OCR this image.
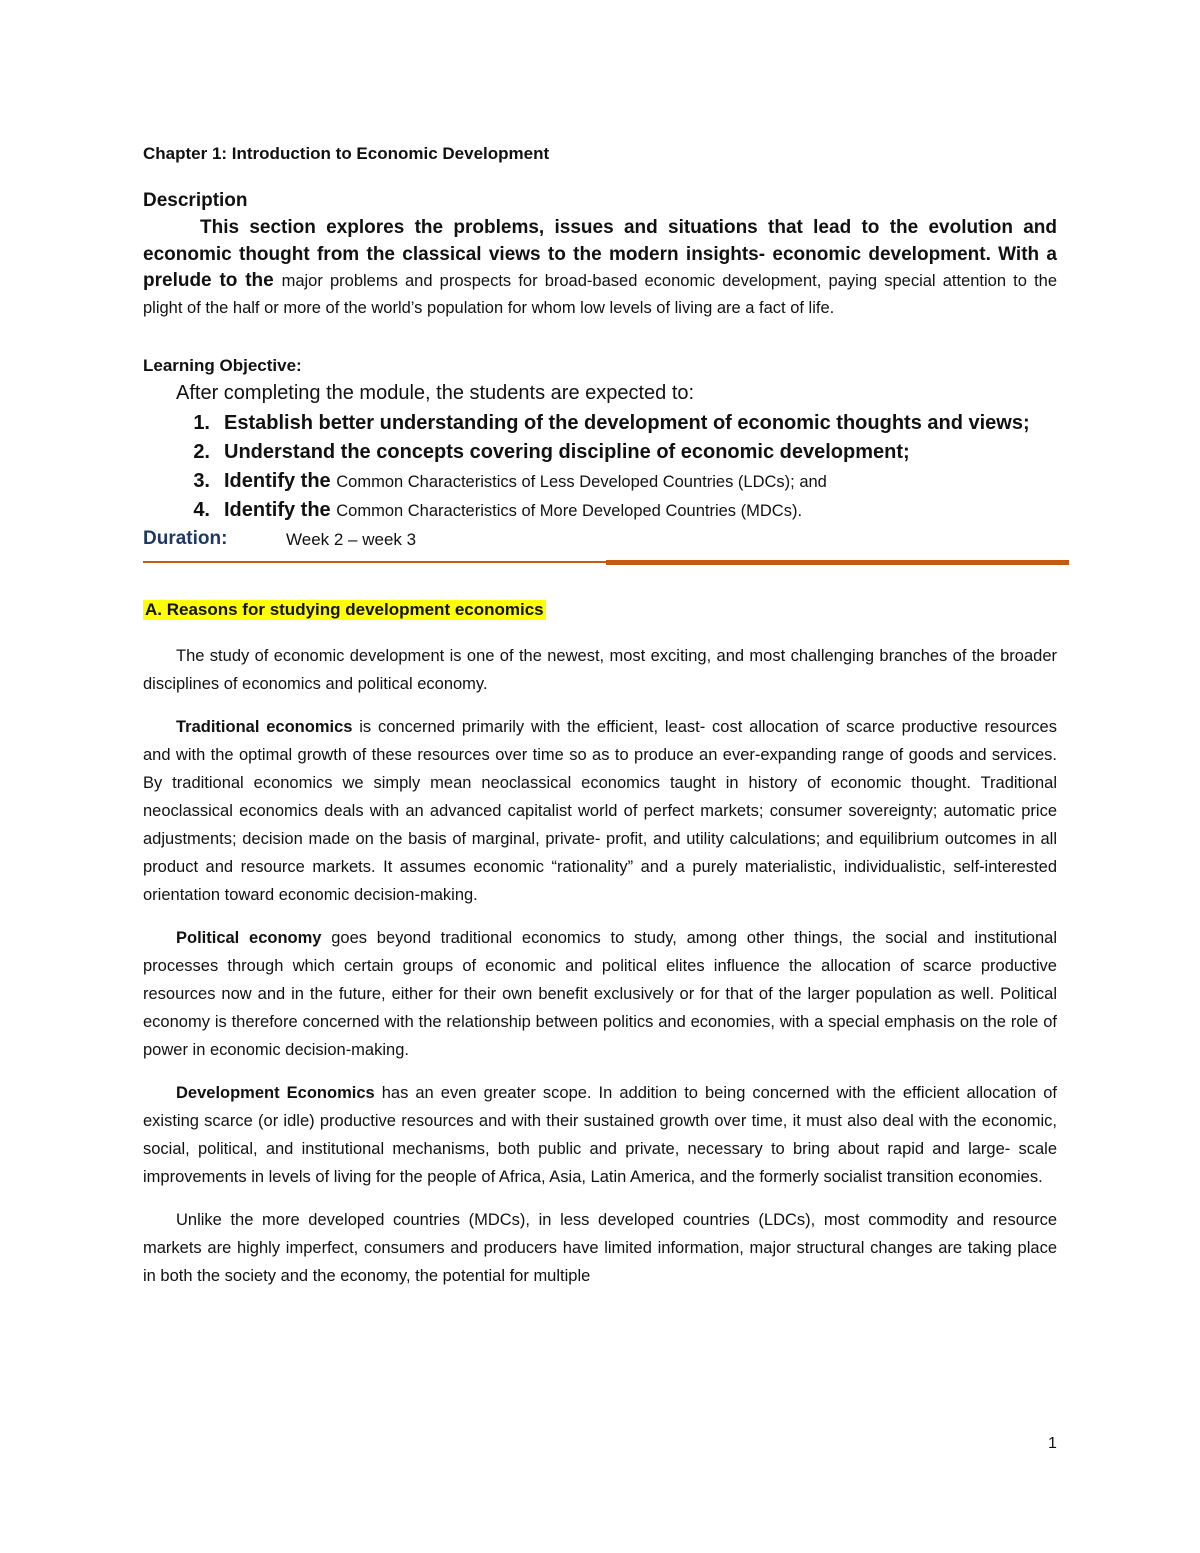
Chapter 1: Introduction to Economic Development
Description
This section explores the problems, issues and situations that lead to the evolution and economic thought from the classical views to the modern insights- economic development. With a prelude to the major problems and prospects for broad-based economic development, paying special attention to the plight of the half or more of the world’s population for whom low levels of living are a fact of life.
Learning Objective:
After completing the module, the students are expected to:
1. Establish better understanding of the development of economic thoughts and views;
2. Understand the concepts covering discipline of economic development;
3. Identify the Common Characteristics of Less Developed Countries (LDCs); and
4. Identify the Common Characteristics of More Developed Countries (MDCs).
Duration:	Week 2 – week 3
A. Reasons for studying development economics

The study of economic development is one of the newest, most exciting, and most challenging branches of the broader disciplines of economics and political economy.

Traditional economics is concerned primarily with the efficient, least- cost allocation of scarce productive resources and with the optimal growth of these resources over time so as to produce an ever-expanding range of goods and services. By traditional economics we simply mean neoclassical economics taught in history of economic thought. Traditional neoclassical economics deals with an advanced capitalist world of perfect markets; consumer sovereignty; automatic price adjustments; decision made on the basis of marginal, private- profit, and utility calculations; and equilibrium outcomes in all product and resource markets. It assumes economic “rationality” and a purely materialistic, individualistic, self-interested orientation toward economic decision-making.

Political economy goes beyond traditional economics to study, among other things, the social and institutional processes through which certain groups of economic and political elites influence the allocation of scarce productive resources now and in the future, either for their own benefit exclusively or for that of the larger population as well. Political economy is therefore concerned with the relationship between politics and economies, with a special emphasis on the role of power in economic decision-making.

Development Economics has an even greater scope. In addition to being concerned with the efficient allocation of existing scarce (or idle) productive resources and with their sustained growth over time, it must also deal with the economic, social, political, and institutional mechanisms, both public and private, necessary to bring about rapid and large- scale improvements in levels of living for the people of Africa, Asia, Latin America, and the formerly socialist transition economies.

Unlike the more developed countries (MDCs), in less developed countries (LDCs), most commodity and resource markets are highly imperfect, consumers and producers have limited information, major structural changes are taking place in both the society and the economy, the potential for multiple

1
